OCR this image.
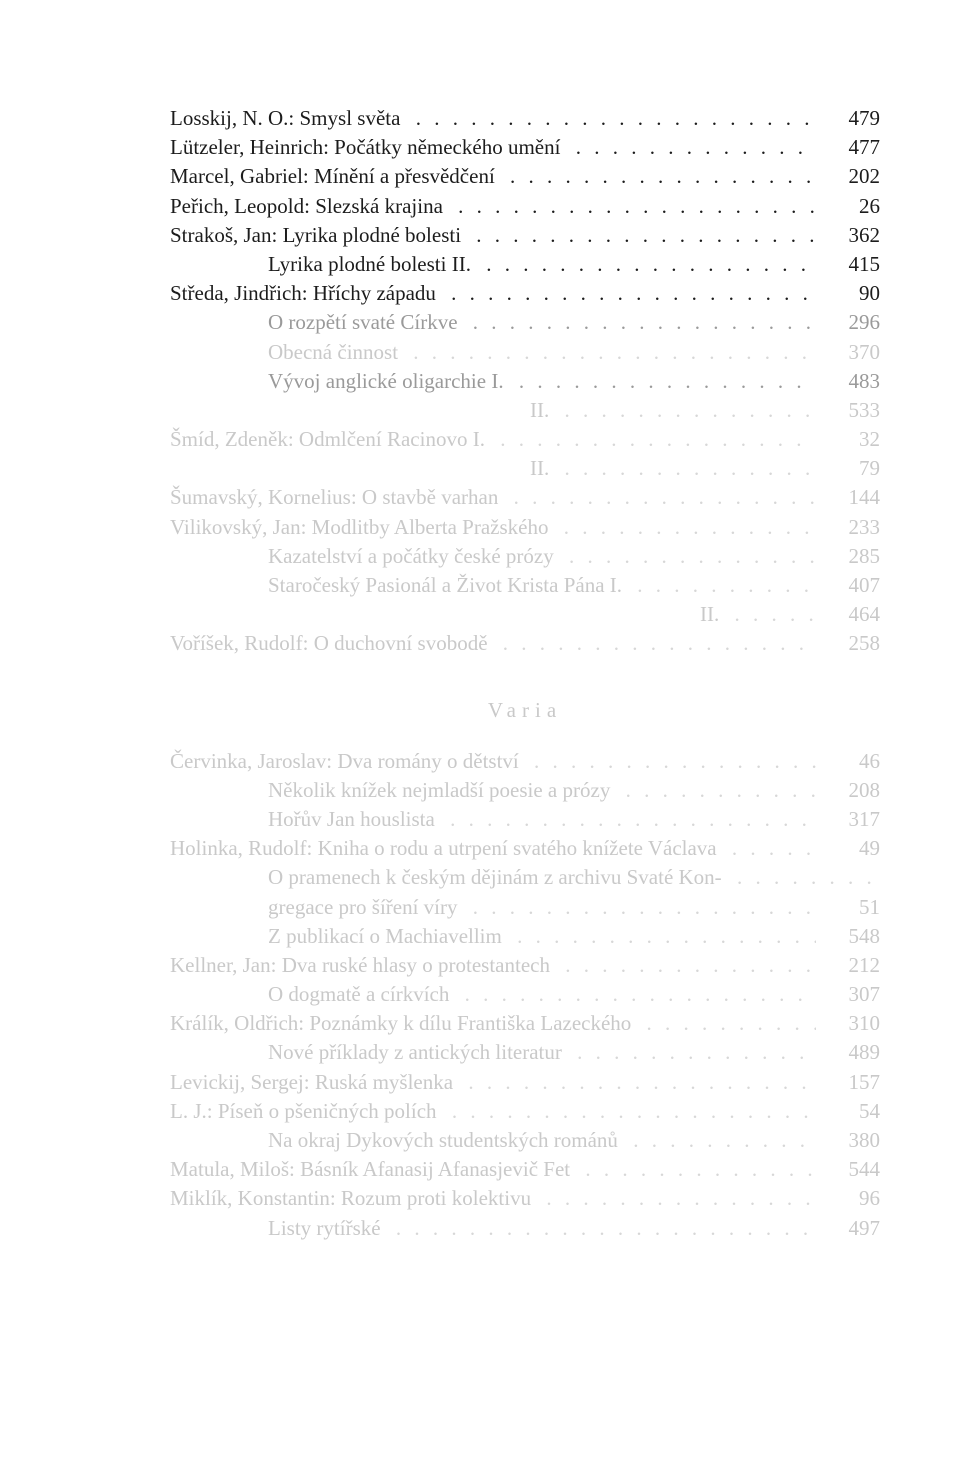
Losskij, N. O.: Smysl světa . . .	479
Lützeler, Heinrich: Počátky německého umění . . .	477
Marcel, Gabriel: Mínění a přesvědčení . . .	202
Peřich, Leopold: Slezská krajina . . .	26
Strakoš, Jan: Lyrika plodné bolesti . . .	362
Lyrika plodné bolesti II. . . .	415
Středa, Jindřich: Hříchy západu . . .	90
O rozpětí svaté Církve . . .	296
Obecná činnost . . .	370
Vývoj anglické oligarchie I. . . .	483
II. . . .	533
Šmíd, Zdeněk: Odmlčení Racinovo I. . . .	32
II. . . .	79
Šumavský, Kornelius: O stavbě varhan . . .	144
Vilikovský, Jan: Modlitby Alberta Pražského . . .	233
Kazatelství a počátky české prózy . . .	285
Staročeský Pasionál a Život Krista Pána I. . . .	407
II. . . .	464
Voříšek, Rudolf: O duchovní svobodě . . .	258
Varia
Červinka, Jaroslav: Dva romány o dětství . . .	46
Několik knížek nejmladší poesie a prózy . . .	208
Hořův Jan houslista . . .	317
Holinka, Rudolf: Kniha o rodu a utrpení svatého knížete Václava . . .	49
O pramenech k českým dějinám z archivu Svaté Kon- . . .
gregace pro šíření víry . . .	51
Z publikací o Machiavellim . . .	548
Kellner, Jan: Dva ruské hlasy o protestantech . . .	212
O dogmatě a církvích . . .	307
Králík, Oldřich: Poznámky k dílu Františka Lazeckého . . .	310
Nové příklady z antických literatur . . .	489
Levickij, Sergej: Ruská myšlenka . . .	157
L. J.: Píseň o pšeničných polích . . .	54
Na okraj Dykových studentských románů . . .	380
Matula, Miloš: Básník Afanasij Afanasjevič Fet . . .	544
Miklík, Konstantin: Rozum proti kolektivu . . .	96
Listy rytířské . . .	497
